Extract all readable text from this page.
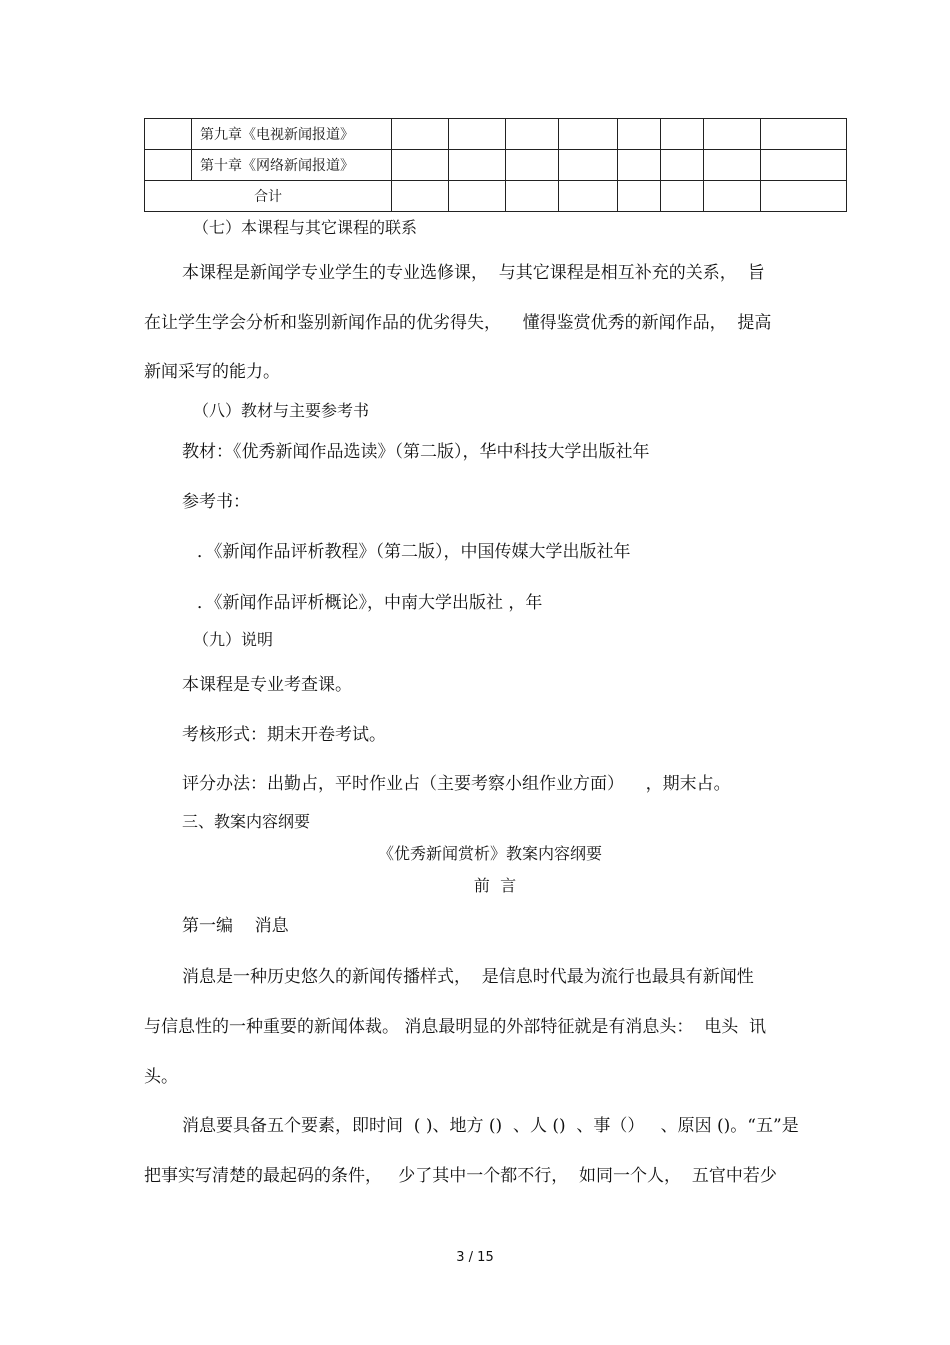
	第九章《电视新闻报道》								
	第十章《网络新闻报道》								
合计									
（七）本课程与其它课程的联系
本课程是新闻学专业学生的专业选修课，  与其它课程是相互补充的关系，  旨
在让学生学会分析和鉴别新闻作品的优劣得失，    懂得鉴赏优秀的新闻作品，  提高
新闻采写的能力。
（八）教材与主要参考书
教材：《优秀新闻作品选读》（第二版），华中科技大学出版社年
参考书：
．《新闻作品评析教程》（第二版），中国传媒大学出版社年
．《新闻作品评析概论》，中南大学出版社 ，年
（九）说明
本课程是专业考查课。
考核形式：期末开卷考试。
评分办法：出勤占，平时作业占（主要考察小组作业方面）    ，期末占。
三、教案内容纲要
《优秀新闻赏析》教案内容纲要
前  言
第一编    消息
消息是一种历史悠久的新闻传播样式，  是信息时代最为流行也最具有新闻性
与信息性的一种重要的新闻体裁。 消息最明显的外部特征就是有消息头：  电头  讯
头。
消息要具备五个要素，即时间  ( )、地方 ()  、人 ()  、事（）   、原因 ()。“五”是
把事实写清楚的最起码的条件，   少了其中一个都不行，  如同一个人，  五官中若少
3 / 15
